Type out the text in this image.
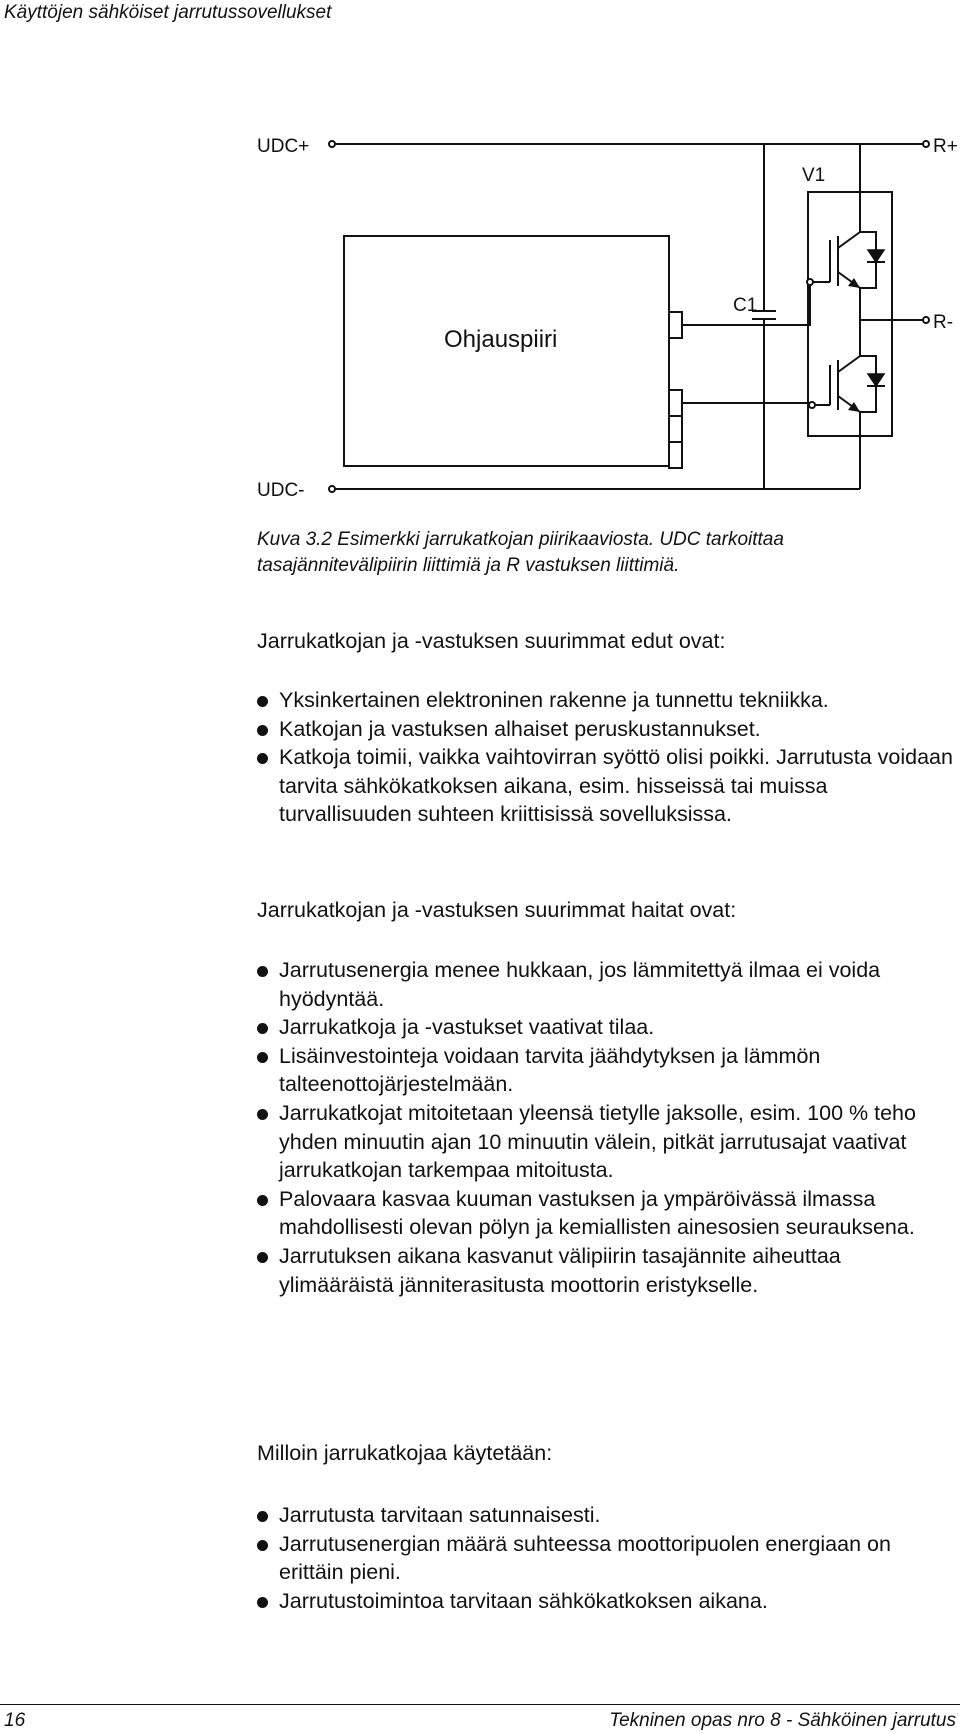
Käyttöjen sähköiset jarrutussovellukset
UDC+
UDC-
R+
R-
V1
C1
Ohjauspiiri
Kuva 3.2 Esimerkki jarrukatkojan piirikaaviosta. UDC tarkoittaa
tasajännitevälipiirin liittimiä ja R vastuksen liittimiä.
Jarrukatkojan ja -vastuksen suurimmat edut ovat:
Yksinkertainen elektroninen rakenne ja tunnettu tekniikka.
Katkojan ja vastuksen alhaiset peruskustannukset.
Katkoja toimii, vaikka vaihtovirran syöttö olisi poikki. Jarrutusta voidaan tarvita sähkökatkoksen aikana, esim. hisseissä tai muissa turvallisuuden suhteen kriittisissä sovelluksissa.
Jarrukatkojan ja -vastuksen suurimmat haitat ovat:
Jarrutusenergia menee hukkaan, jos lämmitettyä ilmaa ei voida hyödyntää.
Jarrukatkoja ja -vastukset vaativat tilaa.
Lisäinvestointeja voidaan tarvita jäähdytyksen ja lämmön talteenottojärjestelmään.
Jarrukatkojat mitoitetaan yleensä tietylle jaksolle, esim. 100 % teho yhden minuutin ajan 10 minuutin välein, pitkät jarrutusajat vaativat jarrukatkojan tarkempaa mitoitusta.
Palovaara kasvaa kuuman vastuksen ja ympäröivässä ilmassa mahdollisesti olevan pölyn ja kemiallisten ainesosien seurauksena.
Jarrutuksen aikana kasvanut välipiirin tasajännite aiheuttaa ylimääräistä jänniterasitusta moottorin eristykselle.
Milloin jarrukatkojaa käytetään:
Jarrutusta tarvitaan satunnaisesti.
Jarrutusenergian määrä suhteessa moottoripuolen energiaan on erittäin pieni.
Jarrutustoimintoa tarvitaan sähkökatkoksen aikana.
16	Tekninen opas nro 8 - Sähköinen jarrutus
